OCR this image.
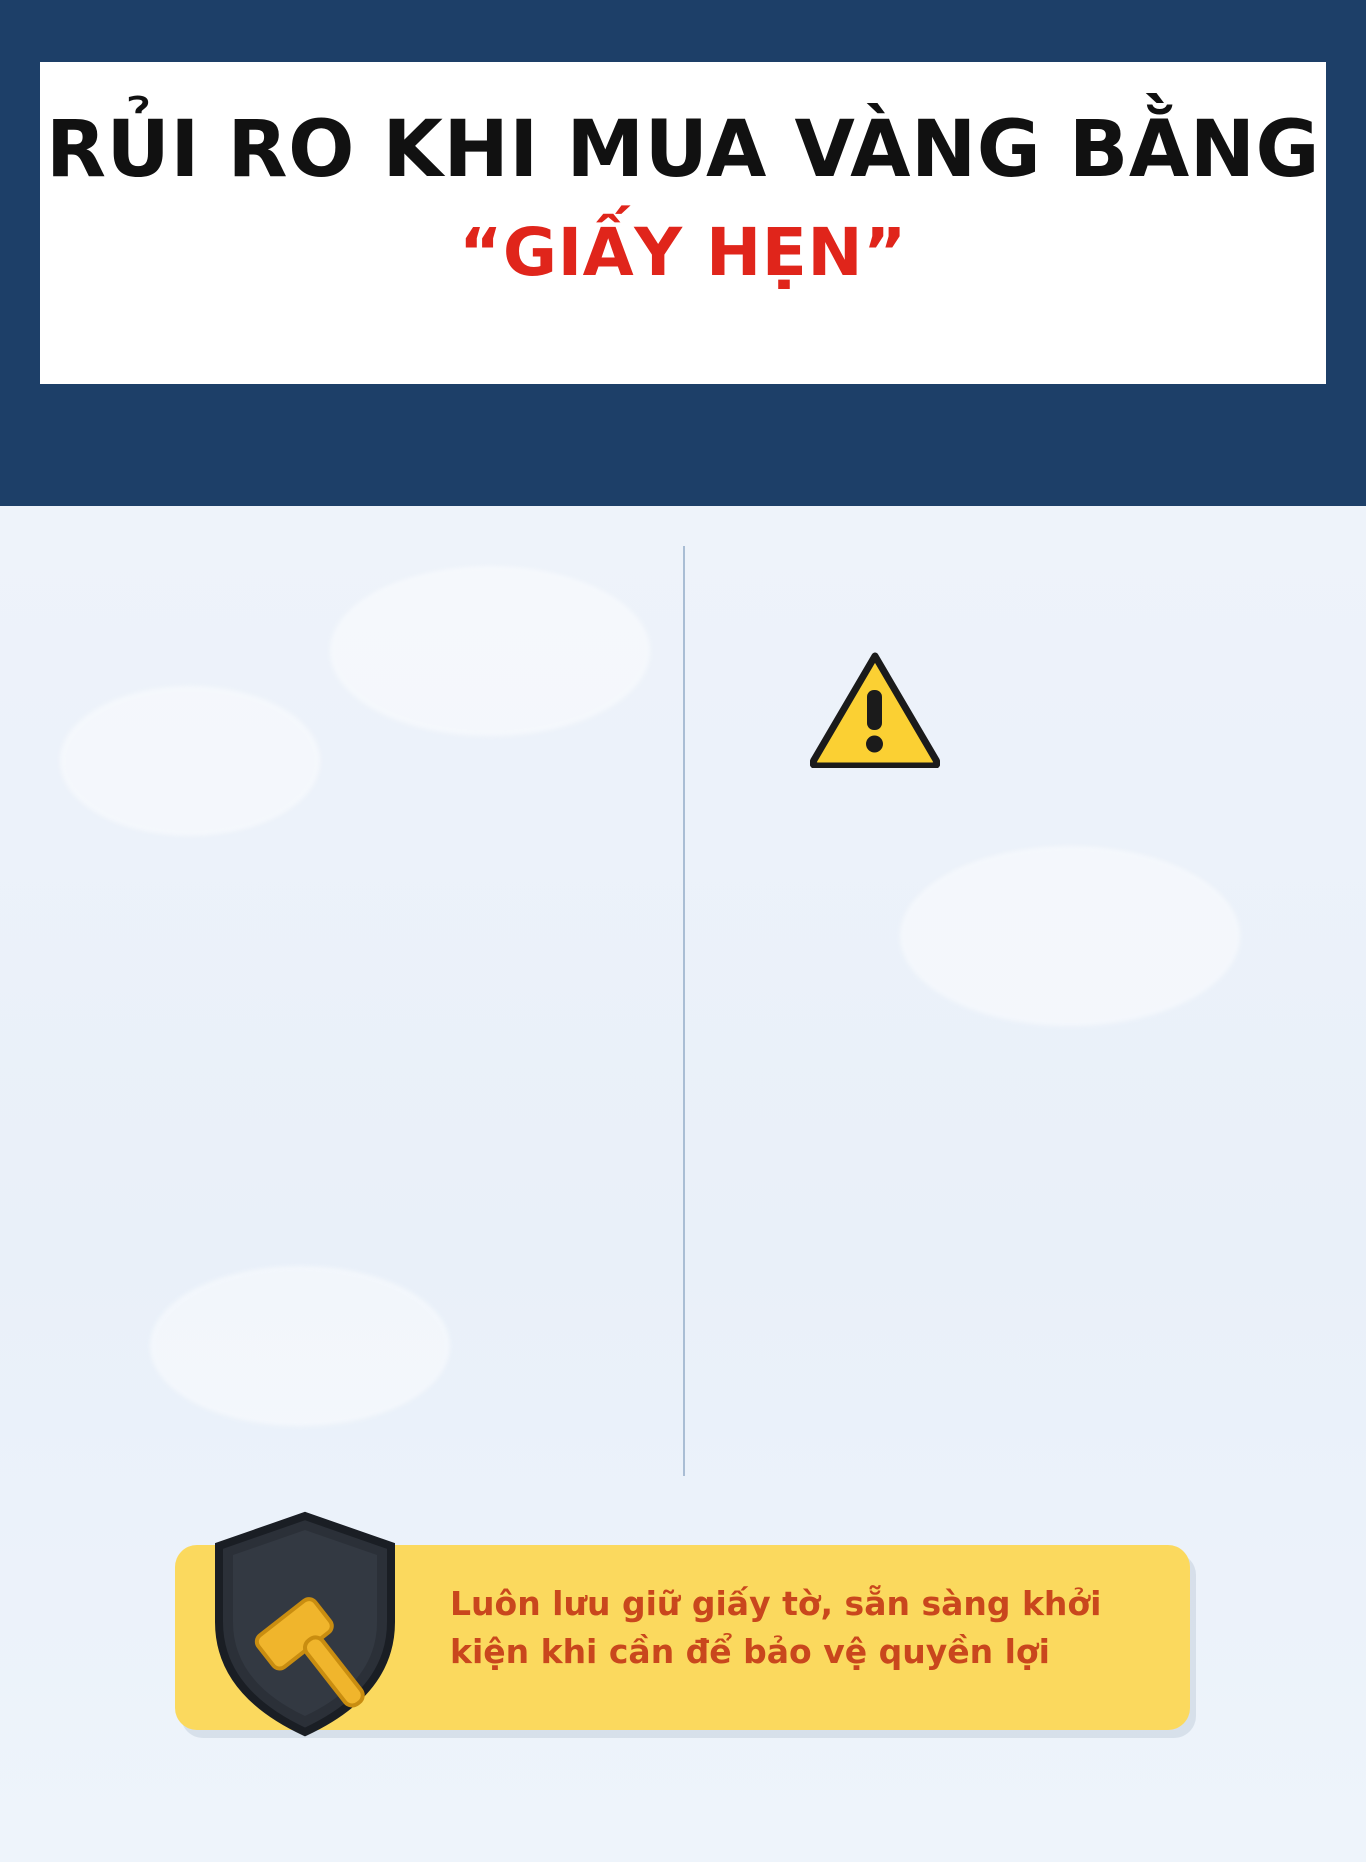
RỦI RO KHI MUA VÀNG BẰNG
“GIẤY HẸN”

Luôn lưu giữ giấy tờ, sẵn sàng khởi kiện khi cần để bảo vệ quyền lợi
